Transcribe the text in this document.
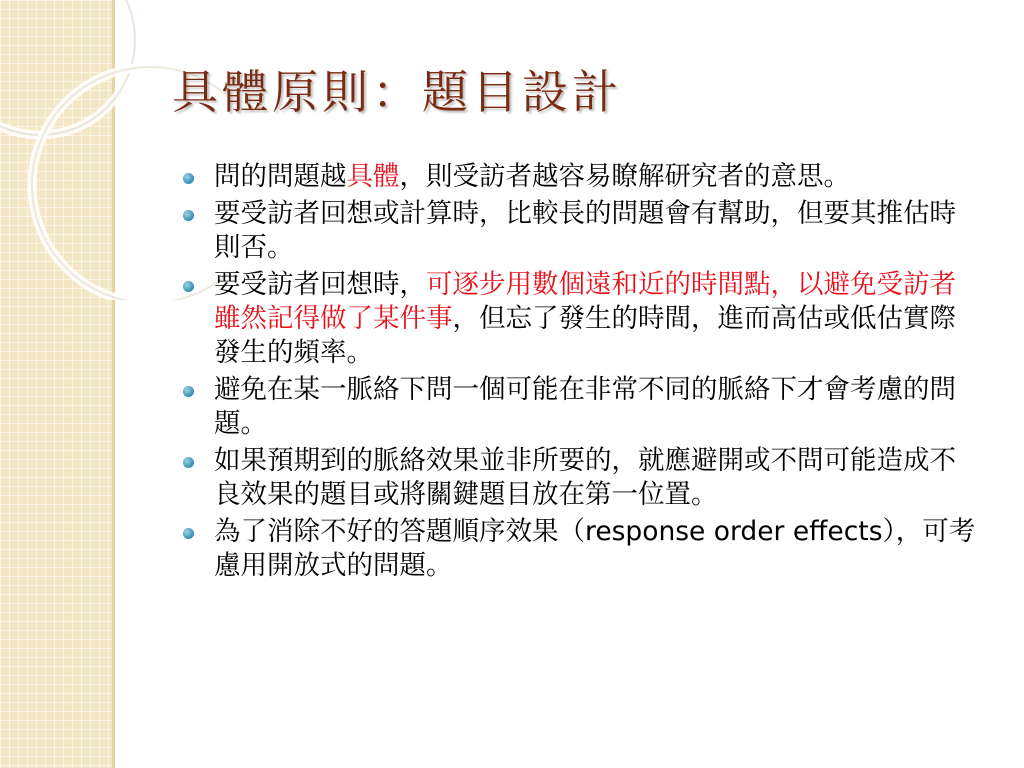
具體原則：題目設計
問的問題越具體，則受訪者越容易瞭解研究者的意思。
要受訪者回想或計算時，比較長的問題會有幫助，但要其推估時則否。
要受訪者回想時，可逐步用數個遠和近的時間點，以避免受訪者雖然記得做了某件事，但忘了發生的時間，進而高估或低估實際發生的頻率。
避免在某一脈絡下問一個可能在非常不同的脈絡下才會考慮的問題。
如果預期到的脈絡效果並非所要的，就應避開或不問可能造成不良效果的題目或將關鍵題目放在第一位置。
為了消除不好的答題順序效果（response order effects），可考慮用開放式的問題。
